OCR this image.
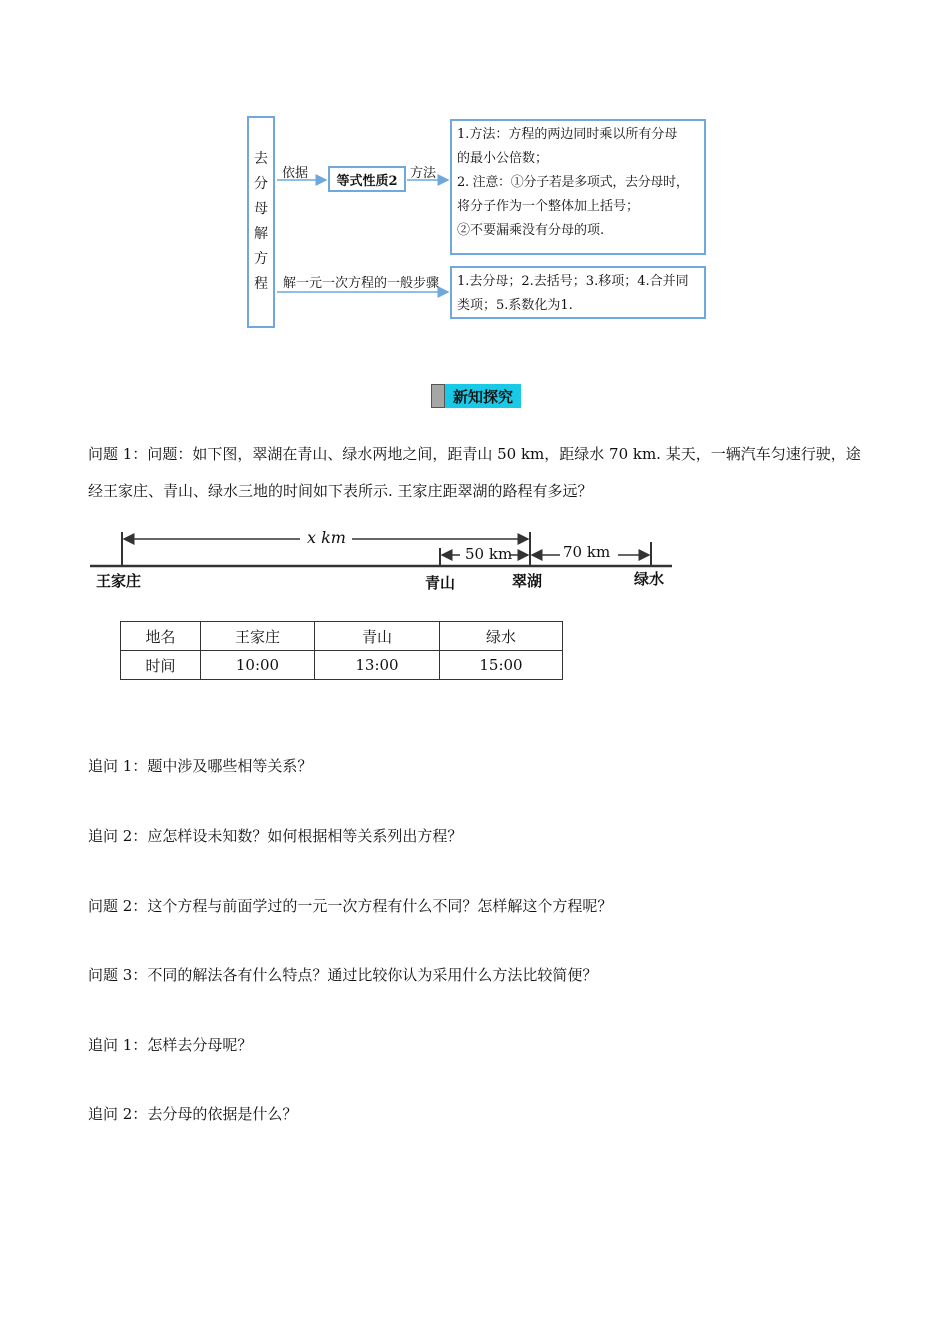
去
分
母
解
方
程
依据	等式性质2 方法
解一元一次方程的一般步骤
1.方法：方程的两边同时乘以所有分母
的最小公倍数；
2. 注意：①分子若是多项式，去分母时，
将分子作为一个整体加上括号；
②不要漏乘没有分母的项.
1.去分母；2.去括号；3.移项；4.合并同
类项；5.系数化为1.
新知探究
问题 1：问题：如下图，翠湖在青山、绿水两地之间，距青山 50 km，距绿水 70 km. 某天，一辆汽车匀速行驶，途经王家庄、青山、绿水三地的时间如下表所示. 王家庄距翠湖的路程有多远？
x km
50 km	70 km
王家庄	青山	翠湖	绿水
地名	王家庄	青山	绿水
时间	10:00	13:00	15:00
追问 1：题中涉及哪些相等关系？
追问 2：应怎样设未知数？如何根据相等关系列出方程？
问题 2：这个方程与前面学过的一元一次方程有什么不同？怎样解这个方程呢？
问题 3：不同的解法各有什么特点？通过比较你认为采用什么方法比较简便？
追问 1：怎样去分母呢？
追问 2：去分母的依据是什么？
